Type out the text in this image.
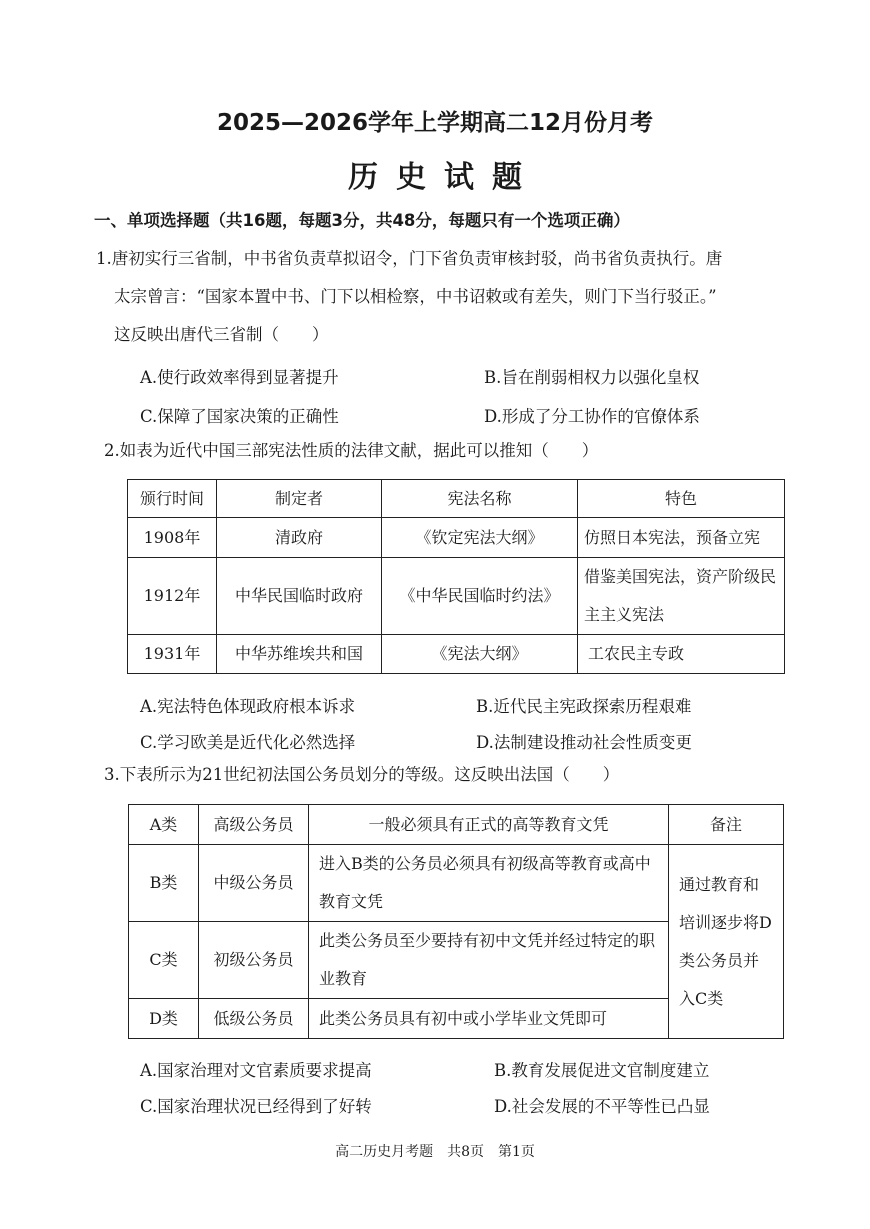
2025—2026学年上学期高二12月份月考
历史试题
一、单项选择题（共16题，每题3分，共48分，每题只有一个选项正确）
1.唐初实行三省制，中书省负责草拟诏令，门下省负责审核封驳，尚书省负责执行。唐
太宗曾言：“国家本置中书、门下以相检察，中书诏敕或有差失，则门下当行驳正。”
这反映出唐代三省制（　　）
A.使行政效率得到显著提升	B.旨在削弱相权力以强化皇权
C.保障了国家决策的正确性	D.形成了分工协作的官僚体系
2.如表为近代中国三部宪法性质的法律文献，据此可以推知（　　）
颁行时间	制定者	宪法名称	特色
1908年	清政府	《钦定宪法大纲》	仿照日本宪法，预备立宪
1912年	中华民国临时政府	《中华民国临时约法》	借鉴美国宪法，资产阶级民主主义宪法
1931年	中华苏维埃共和国	《宪法大纲》	工农民主专政
A.宪法特色体现政府根本诉求	B.近代民主宪政探索历程艰难
C.学习欧美是近代化必然选择	D.法制建设推动社会性质变更
3.下表所示为21世纪初法国公务员划分的等级。这反映出法国（　　）
A类	高级公务员	一般必须具有正式的高等教育文凭	备注
B类	中级公务员	进入B类的公务员必须具有初级高等教育或高中教育文凭	通过教育和培训逐步将D类公务员并入C类
C类	初级公务员	此类公务员至少要持有初中文凭并经过特定的职业教育	
D类	低级公务员	此类公务员具有初中或小学毕业文凭即可	
A.国家治理对文官素质要求提高	B.教育发展促进文官制度建立
C.国家治理状况已经得到了好转	D.社会发展的不平等性已凸显
高二历史月考题　共8页　第1页
